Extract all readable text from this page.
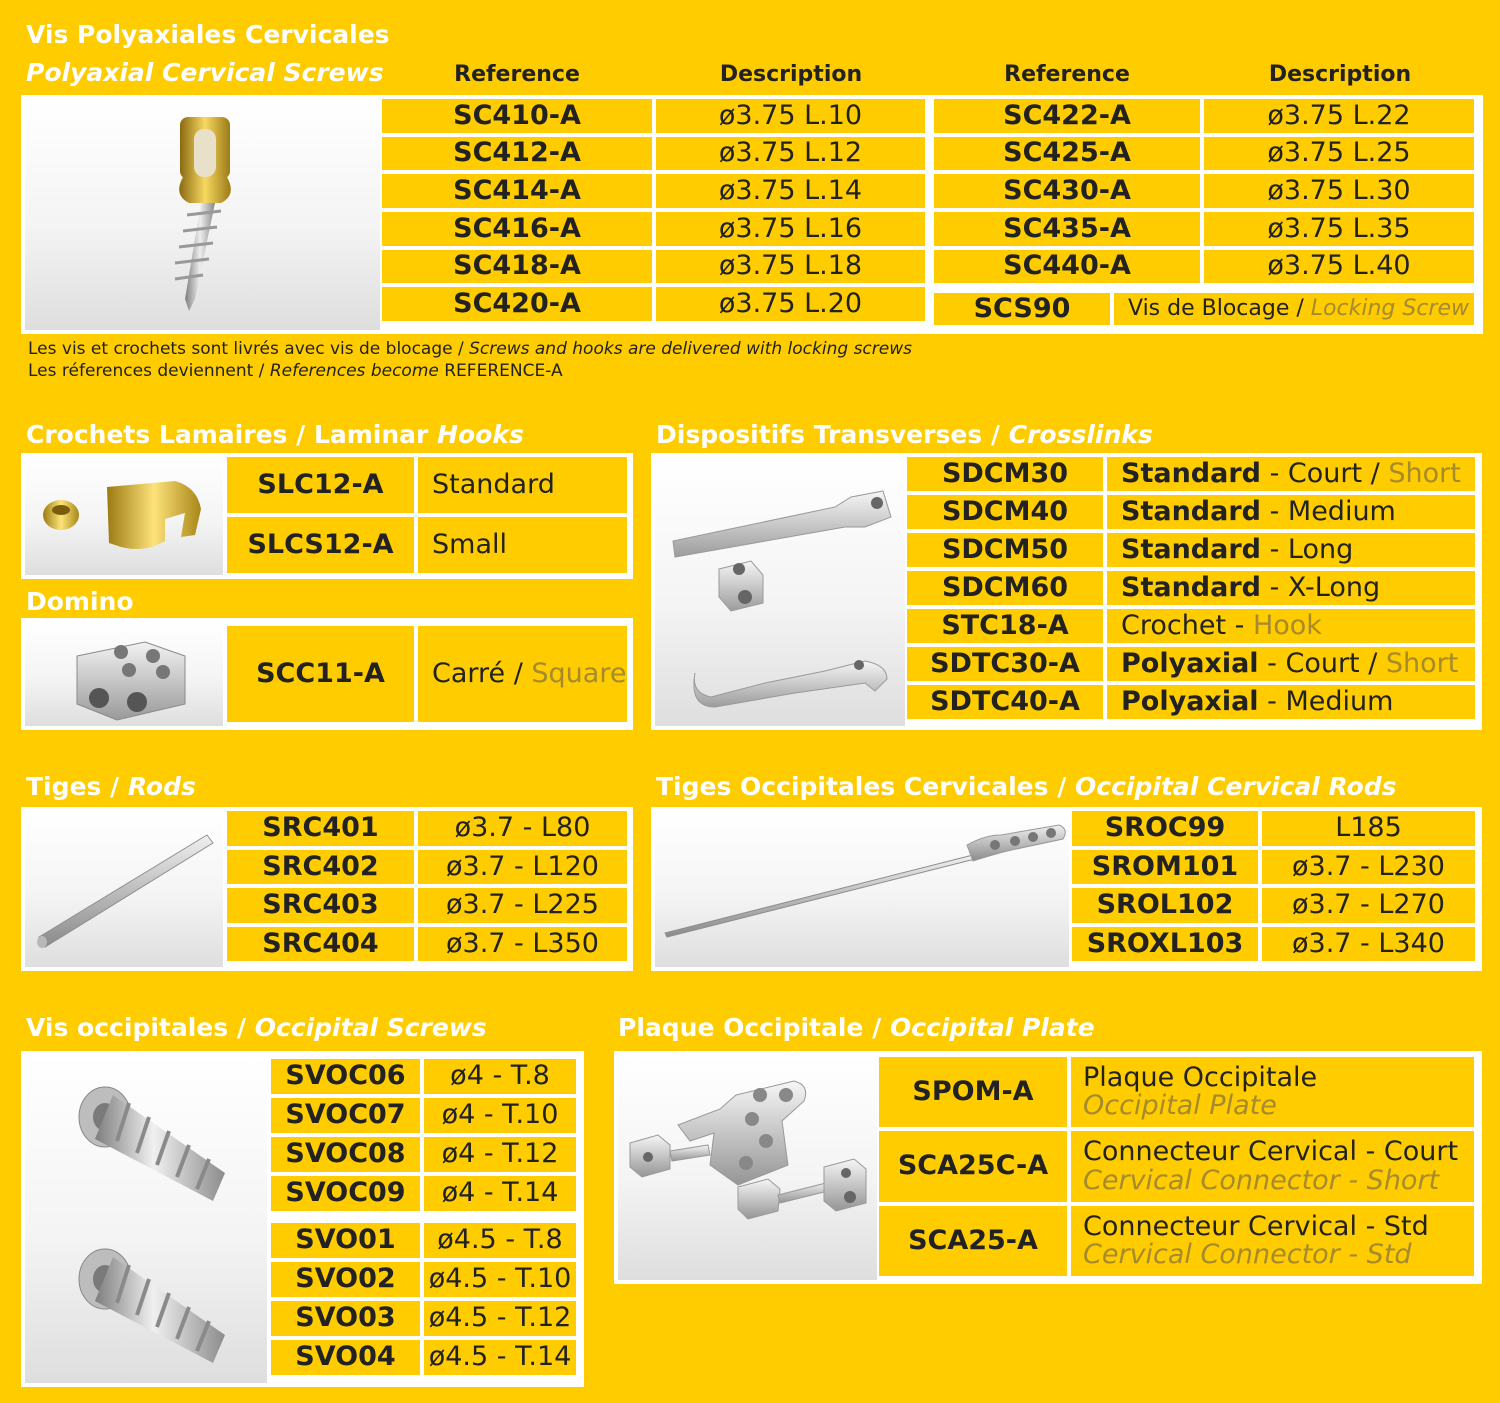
Vis Polyaxiales Cervicales
Polyaxial Cervical Screws	Reference	Description	Reference	Description
SC410-A	ø3.75 L.10
SC412-A	ø3.75 L.12
SC414-A	ø3.75 L.14
SC416-A	ø3.75 L.16
SC418-A	ø3.75 L.18
SC420-A	ø3.75 L.20
SC422-A	ø3.75 L.22
SC425-A	ø3.75 L.25
SC430-A	ø3.75 L.30
SC435-A	ø3.75 L.35
SC440-A	ø3.75 L.40
SCS90	Vis de Blocage / Locking Screw
Les vis et crochets sont livrés avec vis de blocage / Screws and hooks are delivered with locking screws
Les réferences deviennent / References become REFERENCE-A
Crochets Lamaires / Laminar Hooks
SLC12-A	Standard
SLCS12-A	Small
Domino
SCC11-A	Carré / Square
Dispositifs Transverses / Crosslinks
SDCM30	Standard - Court / Short
SDCM40	Standard - Medium
SDCM50	Standard - Long
SDCM60	Standard - X-Long
STC18-A	Crochet - Hook
SDTC30-A	Polyaxial - Court / Short
SDTC40-A	Polyaxial - Medium
Tiges / Rods
SRC401	ø3.7 - L80
SRC402	ø3.7 - L120
SRC403	ø3.7 - L225
SRC404	ø3.7 - L350
Tiges Occipitales Cervicales / Occipital Cervical Rods
SROC99	L185
SROM101	ø3.7 - L230
SROL102	ø3.7 - L270
SROXL103	ø3.7 - L340
Vis occipitales / Occipital Screws
SVOC06	ø4 - T.8
SVOC07	ø4 - T.10
SVOC08	ø4 - T.12
SVOC09	ø4 - T.14
SVO01	ø4.5 - T.8
SVO02	ø4.5 - T.10
SVO03	ø4.5 - T.12
SVO04	ø4.5 - T.14
Plaque Occipitale / Occipital Plate
SPOM-A	Plaque Occipitale
Occipital Plate
SCA25C-A	Connecteur Cervical - Court
Cervical Connector - Short
SCA25-A	Connecteur Cervical - Std
Cervical Connector - Std
